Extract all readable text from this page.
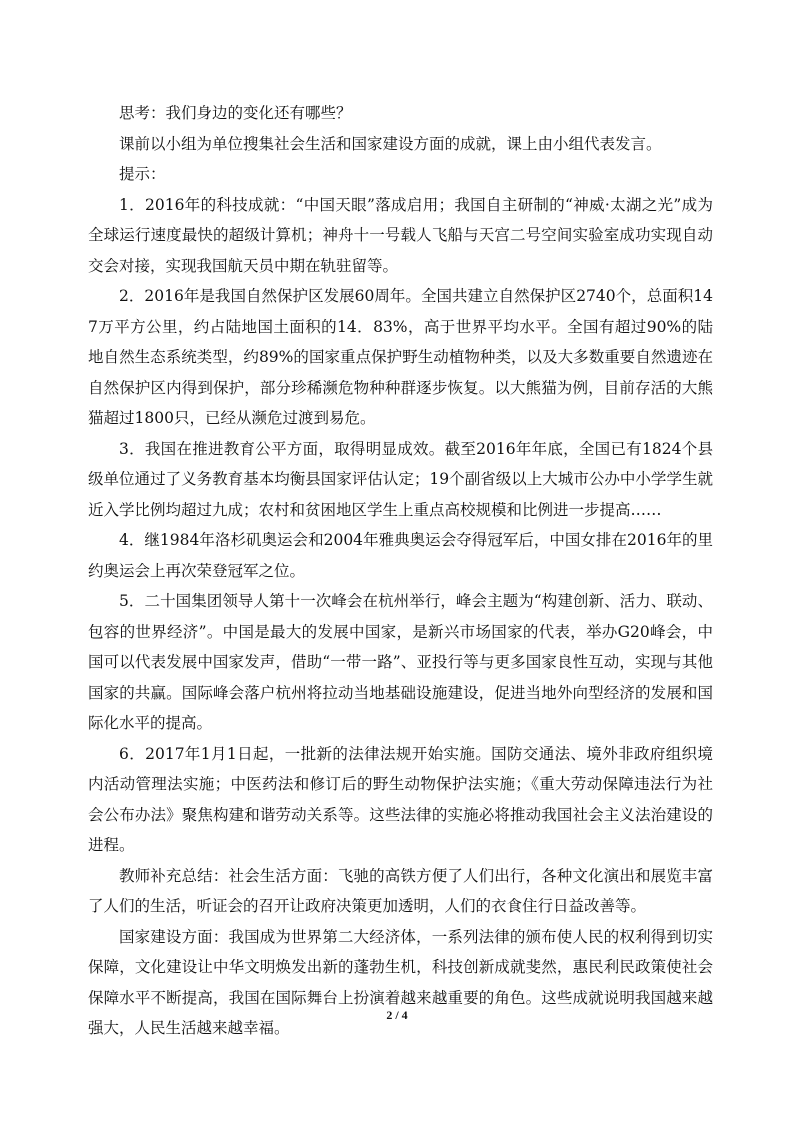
思考：我们身边的变化还有哪些？

课前以小组为单位搜集社会生活和国家建设方面的成就，课上由小组代表发言。

提示：

1．2016年的科技成就：“中国天眼”落成启用；我国自主研制的“神威·太湖之光”成为全球运行速度最快的超级计算机；神舟十一号载人飞船与天宫二号空间实验室成功实现自动交会对接，实现我国航天员中期在轨驻留等。

2．2016年是我国自然保护区发展60周年。全国共建立自然保护区2740个，总面积147万平方公里，约占陆地国土面积的14．83%，高于世界平均水平。全国有超过90%的陆地自然生态系统类型，约89%的国家重点保护野生动植物种类，以及大多数重要自然遗迹在自然保护区内得到保护，部分珍稀濒危物种种群逐步恢复。以大熊猫为例，目前存活的大熊猫超过1800只，已经从濒危过渡到易危。

3．我国在推进教育公平方面，取得明显成效。截至2016年年底，全国已有1824个县级单位通过了义务教育基本均衡县国家评估认定；19个副省级以上大城市公办中小学学生就近入学比例均超过九成；农村和贫困地区学生上重点高校规模和比例进一步提高……

4．继1984年洛杉矶奥运会和2004年雅典奥运会夺得冠军后，中国女排在2016年的里约奥运会上再次荣登冠军之位。

5．二十国集团领导人第十一次峰会在杭州举行，峰会主题为“构建创新、活力、联动、包容的世界经济”。中国是最大的发展中国家，是新兴市场国家的代表，举办G20峰会，中国可以代表发展中国家发声，借助“一带一路”、亚投行等与更多国家良性互动，实现与其他国家的共赢。国际峰会落户杭州将拉动当地基础设施建设，促进当地外向型经济的发展和国际化水平的提高。

6．2017年1月1日起，一批新的法律法规开始实施。国防交通法、境外非政府组织境内活动管理法实施；中医药法和修订后的野生动物保护法实施；《重大劳动保障违法行为社会公布办法》聚焦构建和谐劳动关系等。这些法律的实施必将推动我国社会主义法治建设的进程。

教师补充总结：社会生活方面：飞驰的高铁方便了人们出行，各种文化演出和展览丰富了人们的生活，听证会的召开让政府决策更加透明，人们的衣食住行日益改善等。

国家建设方面：我国成为世界第二大经济体，一系列法律的颁布使人民的权利得到切实保障，文化建设让中华文明焕发出新的蓬勃生机，科技创新成就斐然，惠民利民政策使社会保障水平不断提高，我国在国际舞台上扮演着越来越重要的角色。这些成就说明我国越来越强大，人民生活越来越幸福。

2 / 4
